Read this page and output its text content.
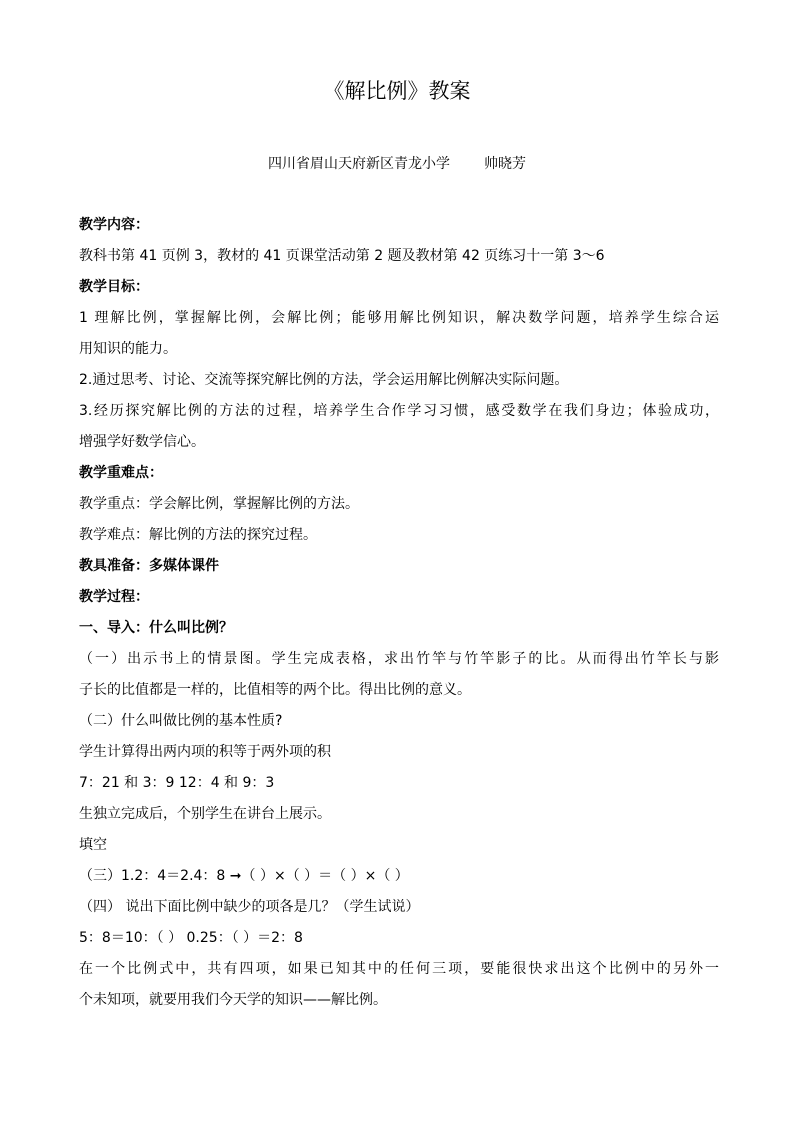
《解比例》教案
四川省眉山天府新区青龙小学 帅晓芳
教学内容：
教科书第 41 页例 3，教材的 41 页课堂活动第 2 题及教材第 42 页练习十一第 3～6
教学目标：
1 理解比例，掌握解比例，会解比例；能够用解比例知识，解决数学问题，培养学生综合运
用知识的能力。
2.通过思考、讨论、交流等探究解比例的方法，学会运用解比例解决实际问题。
3.经历探究解比例的方法的过程，培养学生合作学习习惯，感受数学在我们身边；体验成功，
增强学好数学信心。
教学重难点：
教学重点：学会解比例，掌握解比例的方法。
教学难点：解比例的方法的探究过程。
教具准备：多媒体课件
教学过程：
一、导入：什么叫比例？
（一）出示书上的情景图。学生完成表格，求出竹竿与竹竿影子的比。从而得出竹竿长与影
子长的比值都是一样的，比值相等的两个比。得出比例的意义。
（二）什么叫做比例的基本性质?
学生计算得出两内项的积等于两外项的积
7：21 和 3：9 12：4 和 9：3
生独立完成后，个别学生在讲台上展示。
填空
（三）1.2：4＝2.4：8 ➞（ ）×（ ）＝（ ）×（ ）
（四） 说出下面比例中缺少的项各是几？（学生试说）
5：8＝10：（ ） 0.25：（ ）＝2：8
在一个比例式中，共有四项，如果已知其中的任何三项，要能很快求出这个比例中的另外一
个未知项，就要用我们今天学的知识——解比例。
